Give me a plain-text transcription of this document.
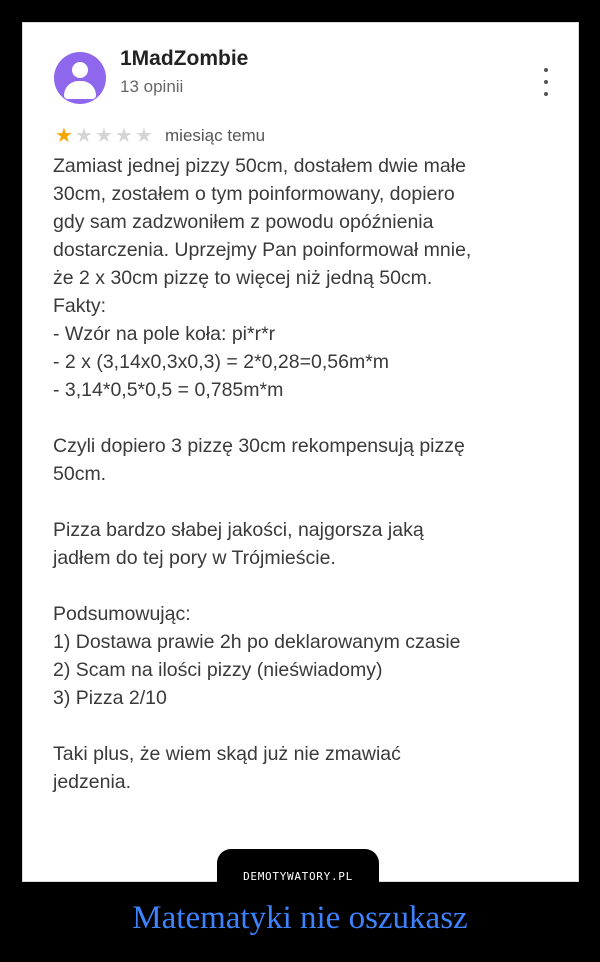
1MadZombie
13 opinii
★ ★ ★ ★ ★ miesiąc temu
Zamiast jednej pizzy 50cm, dostałem dwie małe
30cm, zostałem o tym poinformowany, dopiero
gdy sam zadzwoniłem z powodu opóźnienia
dostarczenia. Uprzejmy Pan poinformował mnie,
że 2 x 30cm pizzę to więcej niż jedną 50cm.
Fakty:
- Wzór na pole koła: pi*r*r
- 2 x (3,14x0,3x0,3) = 2*0,28=0,56m*m
- 3,14*0,5*0,5 = 0,785m*m
Czyli dopiero 3 pizzę 30cm rekompensują pizzę
50cm.
Pizza bardzo słabej jakości, najgorsza jaką
jadłem do tej pory w Trójmieście.
Podsumowując:
1) Dostawa prawie 2h po deklarowanym czasie
2) Scam na ilości pizzy (nieświadomy)
3) Pizza 2/10
Taki plus, że wiem skąd już nie zmawiać
jedzenia.
DEMOTYWATORY.PL
Matematyki nie oszukasz
